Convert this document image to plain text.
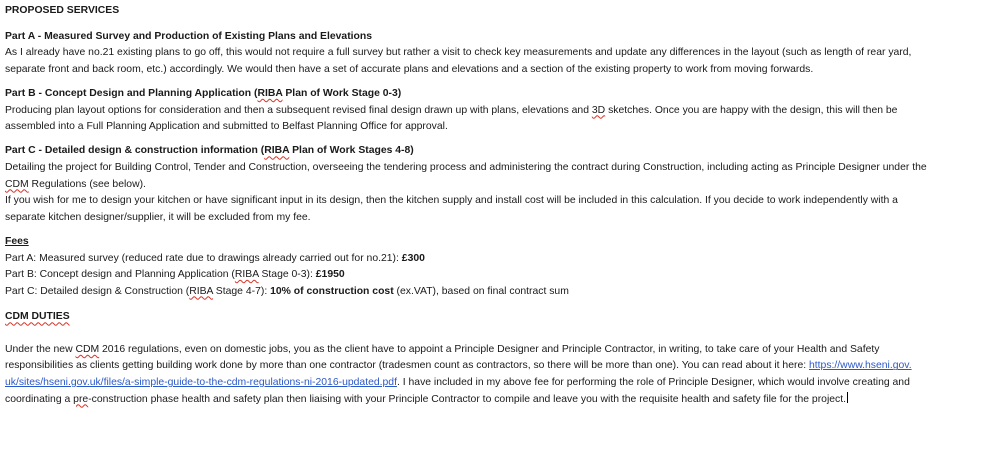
PROPOSED SERVICES
Part A - Measured Survey and Production of Existing Plans and Elevations
As I already have no.21 existing plans to go off, this would not require a full survey but rather a visit to check key measurements and update any differences in the layout (such as length of rear yard,
separate front and back room, etc.) accordingly. We would then have a set of accurate plans and elevations and a section of the existing property to work from moving forwards.
Part B - Concept Design and Planning Application (RIBA Plan of Work Stage 0-3)
Producing plan layout options for consideration and then a subsequent revised final design drawn up with plans, elevations and 3D sketches. Once you are happy with the design, this will then be
assembled into a Full Planning Application and submitted to Belfast Planning Office for approval.
Part C - Detailed design & construction information (RIBA Plan of Work Stages 4-8)
Detailing the project for Building Control, Tender and Construction, overseeing the tendering process and administering the contract during Construction, including acting as Principle Designer under the
CDM Regulations (see below).
If you wish for me to design your kitchen or have significant input in its design, then the kitchen supply and install cost will be included in this calculation. If you decide to work independently with a
separate kitchen designer/supplier, it will be excluded from my fee.
Fees
Part A: Measured survey (reduced rate due to drawings already carried out for no.21): £300
Part B: Concept design and Planning Application (RIBA Stage 0-3): £1950
Part C: Detailed design & Construction (RIBA Stage 4-7): 10% of construction cost (ex.VAT), based on final contract sum
CDM DUTIES
Under the new CDM 2016 regulations, even on domestic jobs, you as the client have to appoint a Principle Designer and Principle Contractor, in writing, to take care of your Health and Safety
responsibilities as clients getting building work done by more than one contractor (tradesmen count as contractors, so there will be more than one). You can read about it here: https://www.hseni.gov.
uk/sites/hseni.gov.uk/files/a-simple-guide-to-the-cdm-regulations-ni-2016-updated.pdf. I have included in my above fee for performing the role of Principle Designer, which would involve creating and
coordinating a pre-construction phase health and safety plan then liaising with your Principle Contractor to compile and leave you with the requisite health and safety file for the project.
